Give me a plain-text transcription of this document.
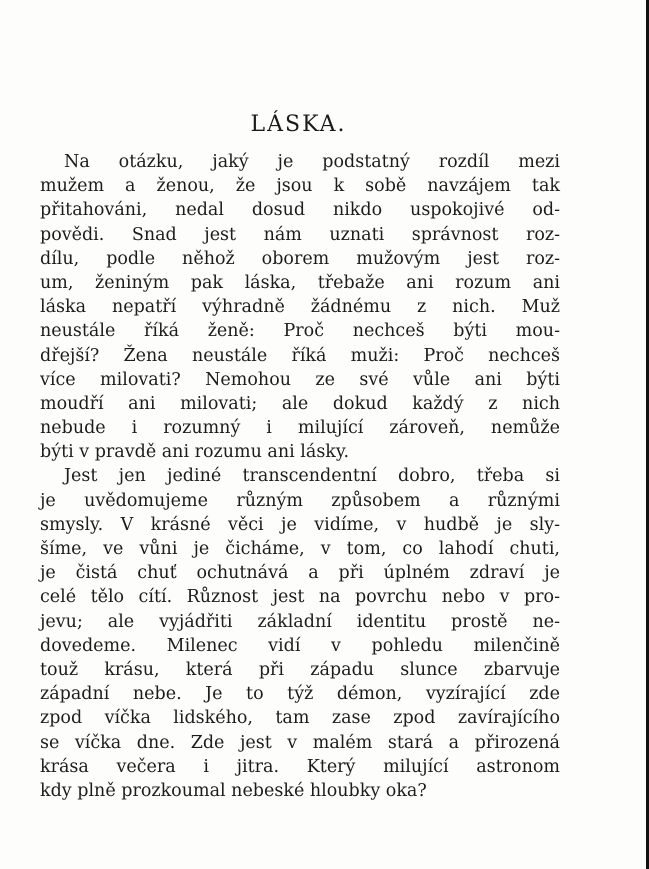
LÁSKA.
Na otázku, jaký je podstatný rozdíl mezi
mužem a ženou, že jsou k sobě navzájem tak
přitahováni, nedal dosud nikdo uspokojivé od-
povědi. Snad jest nám uznati správnost roz-
dílu, podle něhož oborem mužovým jest roz-
um, ženiným pak láska, třebaže ani rozum ani
láska nepatří výhradně žádnému z nich. Muž
neustále říká ženě: Proč nechceš býti mou-
dřejší? Žena neustále říká muži: Proč nechceš
více milovati? Nemohou ze své vůle ani býti
moudří ani milovati; ale dokud každý z nich
nebude i rozumný i milující zároveň, nemůže
býti v pravdě ani rozumu ani lásky.
Jest jen jediné transcendentní dobro, třeba si
je uvědomujeme různým způsobem a různými
smysly. V krásné věci je vidíme, v hudbě je sly-
šíme, ve vůni je čicháme, v tom, co lahodí chuti,
je čistá chuť ochutnává a při úplném zdraví je
celé tělo cítí. Různost jest na povrchu nebo v pro-
jevu; ale vyjádřiti základní identitu prostě ne-
dovedeme. Milenec vidí v pohledu milenčině
touž krásu, která při západu slunce zbarvuje
západní nebe. Je to týž démon, vyzírající zde
zpod víčka lidského, tam zase zpod zavírajícího
se víčka dne. Zde jest v malém stará a přirozená
krása večera i jitra. Který milující astronom
kdy plně prozkoumal nebeské hloubky oka?
